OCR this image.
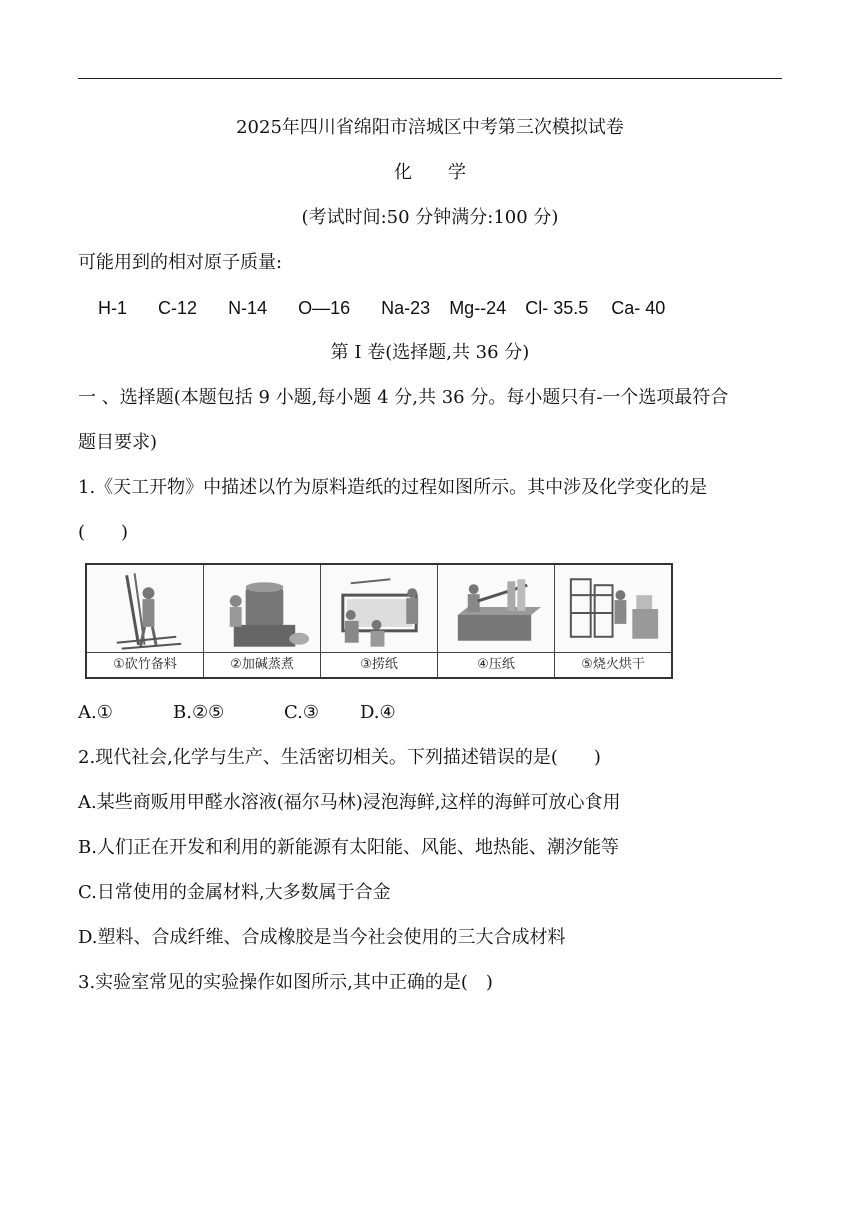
2025年四川省绵阳市涪城区中考第三次模拟试卷
化　　学
(考试时间:50 分钟满分:100 分)
可能用到的相对原子质量:
H-1 C-12 N-14 O—16 Na-23 Mg--24 Cl- 35.5 Ca- 40
第 I 卷(选择题,共 36 分)
一 、选择题(本题包括 9 小题,每小题 4 分,共 36 分。每小题只有-一个选项最符合
题目要求)
1.《天工开物》中描述以竹为原料造纸的过程如图所示。其中涉及化学变化的是
(　　)
①砍竹备料	②加碱蒸煮	③捞纸	④压纸	⑤烧火烘干
A.①	B.②⑤	C.③ D.④
2.现代社会,化学与生产、生活密切相关。下列描述错误的是(　　)
A.某些商贩用甲醛水溶液(福尔马林)浸泡海鲜,这样的海鲜可放心食用
B.人们正在开发和利用的新能源有太阳能、风能、地热能、潮汐能等
C.日常使用的金属材料,大多数属于合金
D.塑料、合成纤维、合成橡胶是当今社会使用的三大合成材料
3.实验室常见的实验操作如图所示,其中正确的是(　)
